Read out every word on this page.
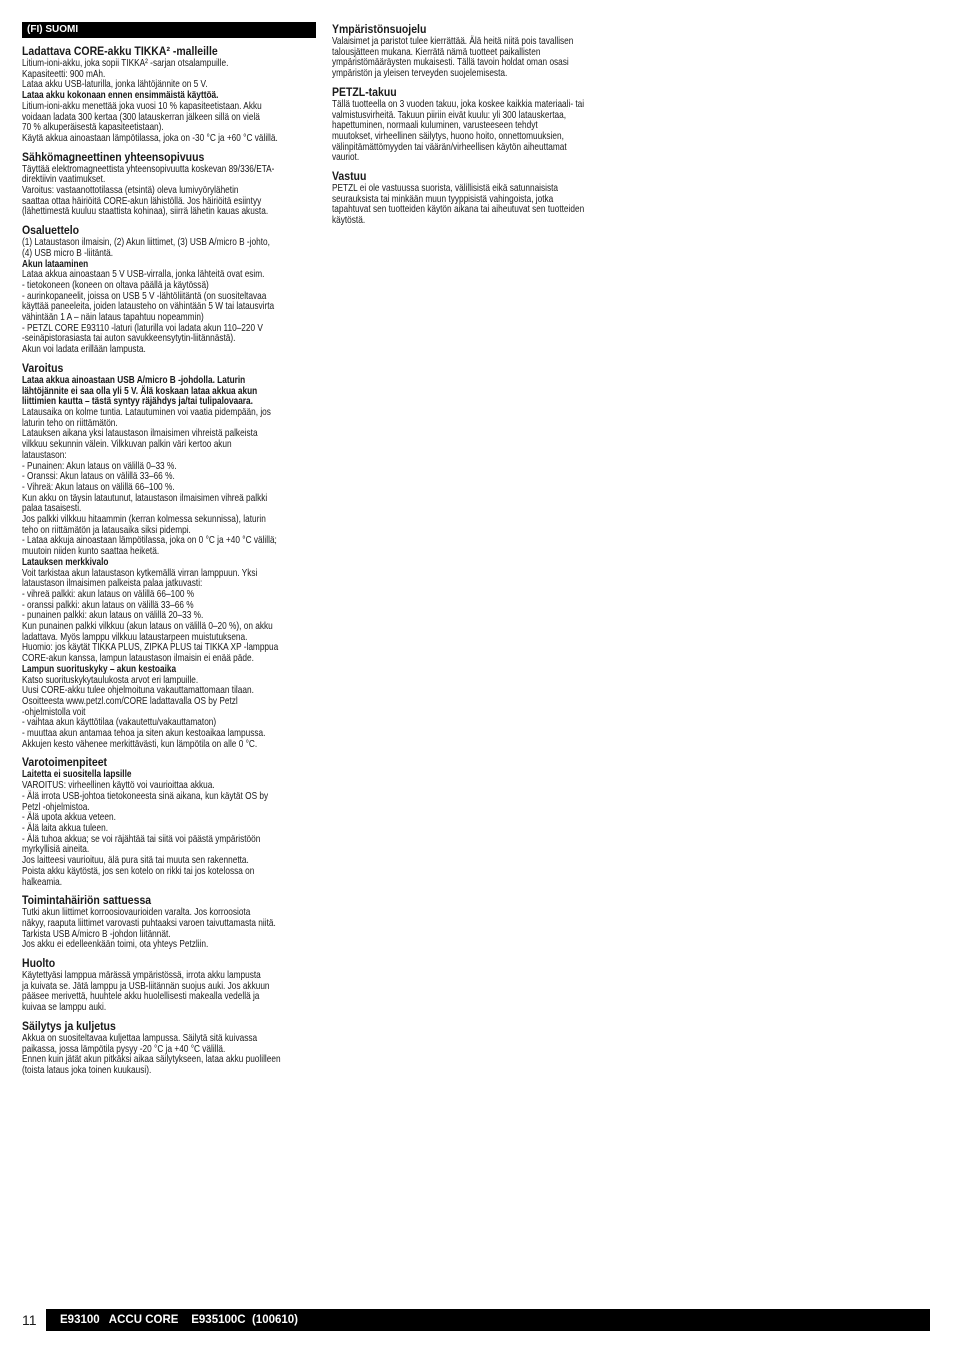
(FI) SUOMI
Ladattava CORE-akku TIKKA² -malleille
Litium-ioni-akku, joka sopii TIKKA² -sarjan otsalampuille.
Kapasiteetti: 900 mAh.
Lataa akku USB-laturilla, jonka lähtöjännite on 5 V.
Lataa akku kokonaan ennen ensimmäistä käyttöä.
Litium-ioni-akku menettää joka vuosi 10 % kapasiteetistaan. Akku
voidaan ladata 300 kertaa (300 latauskerran jälkeen sillä on vielä
70 % alkuperäisestä kapasiteetistaan).
Käytä akkua ainoastaan lämpötilassa, joka on -30 °C ja +60 °C välillä.
Sähkömagneettinen yhteensopivuus
Täyttää elektromagneettista yhteensopivuutta koskevan 89/336/ETA-
direktiivin vaatimukset.
Varoitus: vastaanottotilassa (etsintä) oleva lumivyörylähetin
saattaa ottaa häiriöitä CORE-akun lähistöllä. Jos häiriöitä esiintyy
(lähettimestä kuuluu staattista kohinaa), siirrä lähetin kauas akusta.
Osaluettelo
(1) Lataustason ilmaisin, (2) Akun liittimet, (3) USB A/micro B -johto,
(4) USB micro B -liitäntä.
Akun lataaminen
Lataa akkua ainoastaan 5 V USB-virralla, jonka lähteitä ovat esim.
- tietokoneen (koneen on oltava päällä ja käytössä)
- aurinkopaneelit, joissa on USB 5 V -lähtöliitäntä (on suositeltavaa
käyttää paneeleita, joiden latausteho on vähintään 5 W tai latausvirta
vähintään 1 A – näin lataus tapahtuu nopeammin)
- PETZL CORE E93110 -laturi (laturilla voi ladata akun 110–220 V
-seinäpistorasiasta tai auton savukkeensytytin-liitännästä).
Akun voi ladata erillään lampusta.
Varoitus
Lataa akkua ainoastaan USB A/micro B -johdolla. Laturin
lähtöjännite ei saa olla yli 5 V. Älä koskaan lataa akkua akun
liittimien kautta – tästä syntyy räjähdys ja/tai tulipalovaara.
Latausaika on kolme tuntia. Latautuminen voi vaatia pidempään, jos
laturin teho on riittämätön.
Latauksen aikana yksi lataustason ilmaisimen vihreistä palkeista
vilkkuu sekunnin välein. Vilkkuvan palkin väri kertoo akun
lataustason:
- Punainen: Akun lataus on välillä 0–33 %.
- Oranssi: Akun lataus on välillä 33–66 %.
- Vihreä: Akun lataus on välillä 66–100 %.
Kun akku on täysin latautunut, lataustason ilmaisimen vihreä palkki
palaa tasaisesti.
Jos palkki vilkkuu hitaammin (kerran kolmessa sekunnissa), laturin
teho on riittämätön ja latausaika siksi pidempi.
- Lataa akkuja ainoastaan lämpötilassa, joka on 0 °C ja +40 °C välillä;
muutoin niiden kunto saattaa heiketä.
Latauksen merkkivalo
Voit tarkistaa akun lataustason kytkemällä virran lamppuun. Yksi
lataustason ilmaisimen palkeista palaa jatkuvasti:
- vihreä palkki: akun lataus on välillä 66–100 %
- oranssi palkki: akun lataus on välillä 33–66 %
- punainen palkki: akun lataus on välillä 20–33 %.
Kun punainen palkki vilkkuu (akun lataus on välillä 0–20 %), on akku
ladattava. Myös lamppu vilkkuu lataustarpeen muistutuksena.
Huomio: jos käytät TIKKA PLUS, ZIPKA PLUS tai TIKKA XP -lamppua
CORE-akun kanssa, lampun lataustason ilmaisin ei enää päde.
Lampun suorituskyky – akun kestoaika
Katso suorituskykytaulukosta arvot eri lampuille.
Uusi CORE-akku tulee ohjelmoituna vakauttamattomaan tilaan.
Osoitteesta www.petzl.com/CORE ladattavalla OS by Petzl
-ohjelmistolla voit
- vaihtaa akun käyttötilaa (vakautettu/vakauttamaton)
- muuttaa akun antamaa tehoa ja siten akun kestoaikaa lampussa.
Akkujen kesto vähenee merkittävästi, kun lämpötila on alle 0 °C.
Varotoimenpiteet
Laitetta ei suositella lapsille
VAROITUS: virheellinen käyttö voi vaurioittaa akkua.
- Älä irrota USB-johtoa tietokoneesta sinä aikana, kun käytät OS by
Petzl -ohjelmistoa.
- Älä upota akkua veteen.
- Älä laita akkua tuleen.
- Älä tuhoa akkua; se voi räjähtää tai siitä voi päästä ympäristöön
myrkyllisiä aineita.
Jos laitteesi vaurioituu, älä pura sitä tai muuta sen rakennetta.
Poista akku käytöstä, jos sen kotelo on rikki tai jos kotelossa on
halkeamia.
Toimintahäiriön sattuessa
Tutki akun liittimet korroosiovaurioiden varalta. Jos korroosiota
näkyy, raaputa liittimet varovasti puhtaaksi varoen taivuttamasta niitä.
Tarkista USB A/micro B -johdon liitännät.
Jos akku ei edelleenkään toimi, ota yhteys Petzliin.
Huolto
Käytettyäsi lamppua märässä ympäristössä, irrota akku lampusta
ja kuivata se. Jätä lamppu ja USB-liitännän suojus auki. Jos akkuun
pääsee merivettä, huuhtele akku huolellisesti makealla vedellä ja
kuivaa se lamppu auki.
Säilytys ja kuljetus
Akkua on suositeltavaa kuljettaa lampussa. Säilytä sitä kuivassa
paikassa, jossa lämpötila pysyy -20 °C ja +40 °C välillä.
Ennen kuin jätät akun pitkäksi aikaa säilytykseen, lataa akku puolilleen
(toista lataus joka toinen kuukausi).
Ympäristönsuojelu
Valaisimet ja paristot tulee kierrättää. Älä heitä niitä pois tavallisen
talousjätteen mukana. Kierrätä nämä tuotteet paikallisten
ympäristömääräysten mukaisesti. Tällä tavoin holdat oman osasi
ympäristön ja yleisen terveyden suojelemisesta.
PETZL-takuu
Tällä tuotteella on 3 vuoden takuu, joka koskee kaikkia materiaali- tai
valmistusvirheitä. Takuun piiriin eivät kuulu: yli 300 latauskertaa,
hapettuminen, normaali kuluminen, varusteeseen tehdyt
muutokset, virheellinen säilytys, huono hoito, onnettomuuksien,
välinpitämättömyyden tai väärän/virheellisen käytön aiheuttamat
vauriot.
Vastuu
PETZL ei ole vastuussa suorista, välillisistä eikä satunnaisista
seurauksista tai minkään muun tyyppisistä vahingoista, jotka
tapahtuvat sen tuotteiden käytön aikana tai aiheutuvat sen tuotteiden
käytöstä.
11	E93100   ACCU CORE    E935100C  (100610)
